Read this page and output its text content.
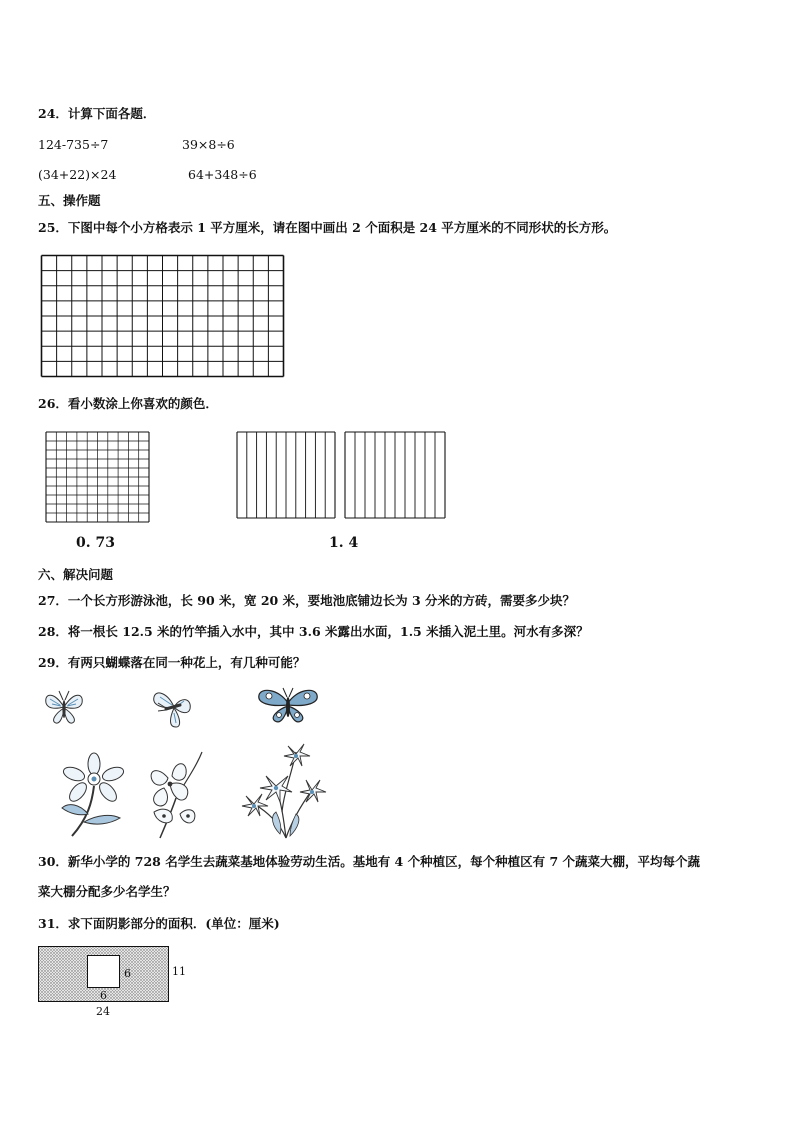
24．计算下面各题．
124-735÷7	39×8÷6
(34+22)×24	64+348÷6
五、操作题
25．下图中每个小方格表示 1 平方厘米，请在图中画出 2 个面积是 24 平方厘米的不同形状的长方形。
26．看小数涂上你喜欢的颜色．
0. 73	1. 4
六、解决问题
27．一个长方形游泳池，长 90 米，宽 20 米，要地池底铺边长为 3 分米的方砖，需要多少块？
28．将一根长 12.5 米的竹竿插入水中，其中 3.6 米露出水面，1.5 米插入泥土里。河水有多深？
29．有两只蝴蝶落在同一种花上，有几种可能？
30．新华小学的 728 名学生去蔬菜基地体验劳动生活。基地有 4 个种植区，每个种植区有 7 个蔬菜大棚，平均每个蔬
菜大棚分配多少名学生？
31．求下面阴影部分的面积．(单位：厘米)
6
6
11
24
